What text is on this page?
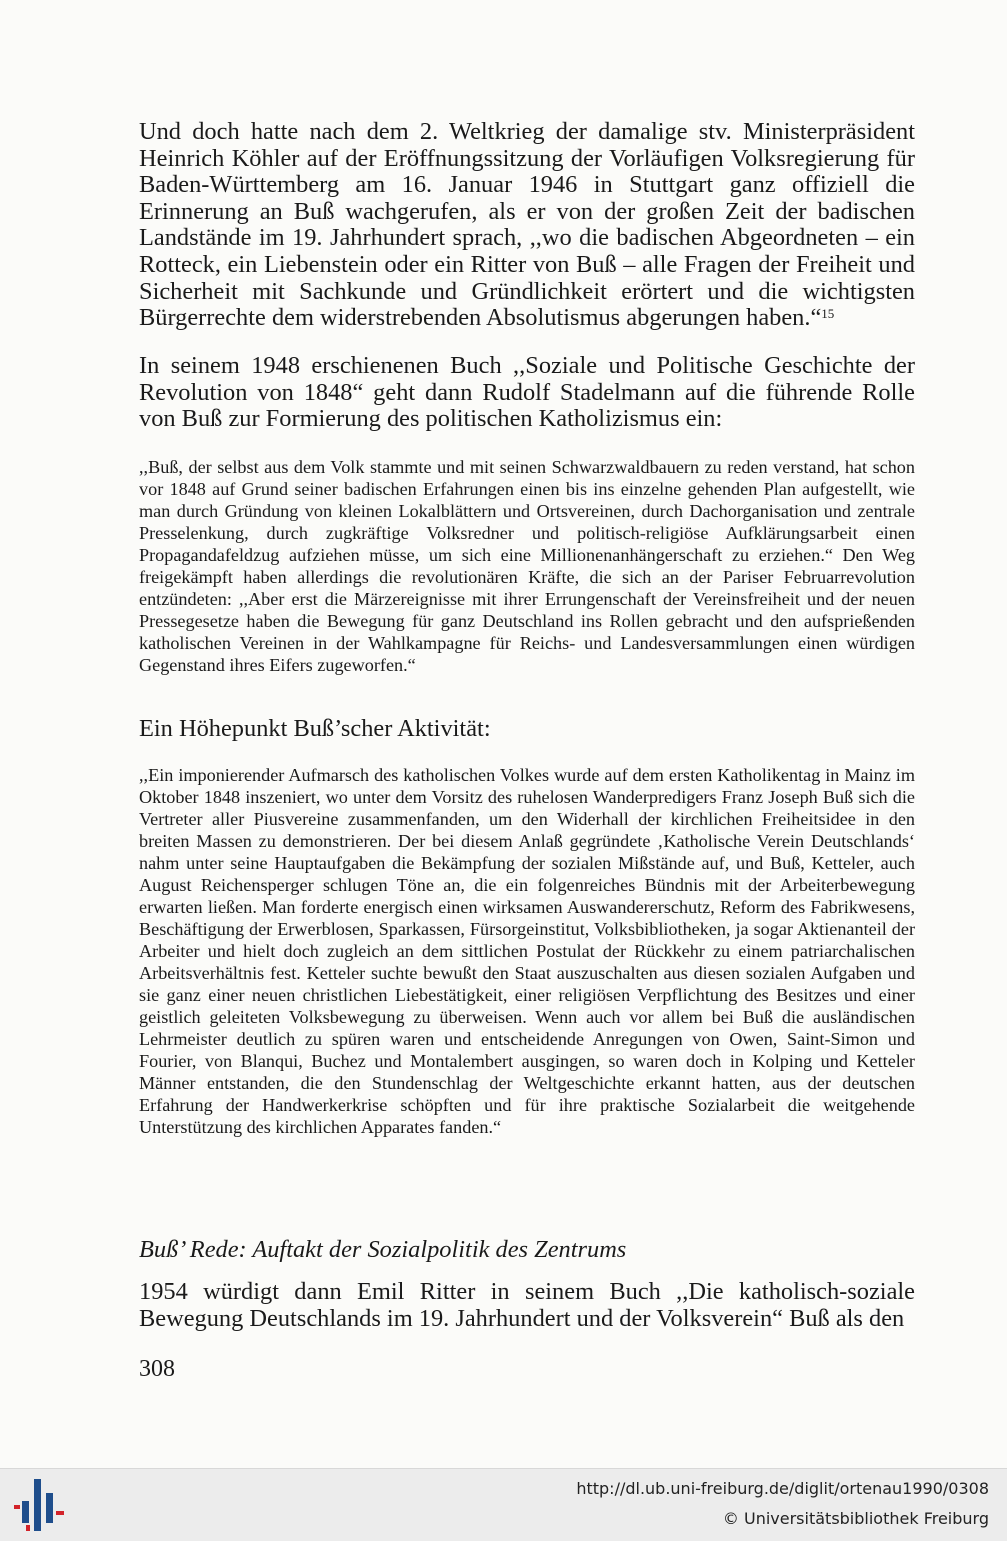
Und doch hatte nach dem 2. Weltkrieg der damalige stv. Ministerpräsident Heinrich Köhler auf der Eröffnungssitzung der Vorläufigen Volksregierung für Baden-Württemberg am 16. Januar 1946 in Stuttgart ganz offiziell die Erinnerung an Buß wachgerufen, als er von der großen Zeit der badischen Landstände im 19. Jahrhundert sprach, ,,wo die badischen Abgeordneten – ein Rotteck, ein Liebenstein oder ein Ritter von Buß – alle Fragen der Freiheit und Sicherheit mit Sachkunde und Gründlichkeit erörtert und die wichtigsten Bürgerrechte dem widerstrebenden Absolutismus abgerungen haben.“$^{15}$

In seinem 1948 erschienenen Buch ,,Soziale und Politische Geschichte der Revolution von 1848“ geht dann Rudolf Stadelmann auf die führende Rolle von Buß zur Formierung des politischen Katholizismus ein:

,,Buß, der selbst aus dem Volk stammte und mit seinen Schwarzwaldbauern zu reden verstand, hat schon vor 1848 auf Grund seiner badischen Erfahrungen einen bis ins einzelne gehenden Plan aufgestellt, wie man durch Gründung von kleinen Lokalblättern und Ortsvereinen, durch Dachorganisation und zentrale Presselenkung, durch zugkräftige Volksredner und politisch-religiöse Aufklärungsarbeit einen Propagandafeldzug aufziehen müsse, um sich eine Millionenanhängerschaft zu erziehen.“ Den Weg freigekämpft haben allerdings die revolutionären Kräfte, die sich an der Pariser Februarrevolution entzündeten: ,,Aber erst die Märzereignisse mit ihrer Errungenschaft der Vereinsfreiheit und der neuen Pressegesetze haben die Bewegung für ganz Deutschland ins Rollen gebracht und den aufsprießenden katholischen Vereinen in der Wahlkampagne für Reichs- und Landesversammlungen einen würdigen Gegenstand ihres Eifers zugeworfen.“

Ein Höhepunkt Buß’scher Aktivität:

,,Ein imponierender Aufmarsch des katholischen Volkes wurde auf dem ersten Katholikentag in Mainz im Oktober 1848 inszeniert, wo unter dem Vorsitz des ruhelosen Wanderpredigers Franz Joseph Buß sich die Vertreter aller Piusvereine zusammenfanden, um den Widerhall der kirchlichen Freiheitsidee in den breiten Massen zu demonstrieren. Der bei diesem Anlaß gegründete ‚Katholische Verein Deutschlands‘ nahm unter seine Hauptaufgaben die Bekämpfung der sozialen Mißstände auf, und Buß, Ketteler, auch August Reichensperger schlugen Töne an, die ein folgenreiches Bündnis mit der Arbeiterbewegung erwarten ließen. Man forderte energisch einen wirksamen Auswandererschutz, Reform des Fabrikwesens, Beschäftigung der Erwerblosen, Sparkassen, Fürsorgeinstitut, Volksbibliotheken, ja sogar Aktienanteil der Arbeiter und hielt doch zugleich an dem sittlichen Postulat der Rückkehr zu einem patriarchalischen Arbeitsverhältnis fest. Ketteler suchte bewußt den Staat auszuschalten aus diesen sozialen Aufgaben und sie ganz einer neuen christlichen Liebestätigkeit, einer religiösen Verpflichtung des Besitzes und einer geistlich geleiteten Volksbewegung zu überweisen. Wenn auch vor allem bei Buß die ausländischen Lehrmeister deutlich zu spüren waren und entscheidende Anregungen von Owen, Saint-Simon und Fourier, von Blanqui, Buchez und Montalembert ausgingen, so waren doch in Kolping und Ketteler Männer entstanden, die den Stundenschlag der Weltgeschichte erkannt hatten, aus der deutschen Erfahrung der Handwerkerkrise schöpften und für ihre praktische Sozialarbeit die weitgehende Unterstützung des kirchlichen Apparates fanden.“

Buß’ Rede: Auftakt der Sozialpolitik des Zentrums

1954 würdigt dann Emil Ritter in seinem Buch ,,Die katholisch-soziale Bewegung Deutschlands im 19. Jahrhundert und der Volksverein“ Buß als den

308
http://dl.ub.uni-freiburg.de/diglit/ortenau1990/0308
© Universitätsbibliothek Freiburg
